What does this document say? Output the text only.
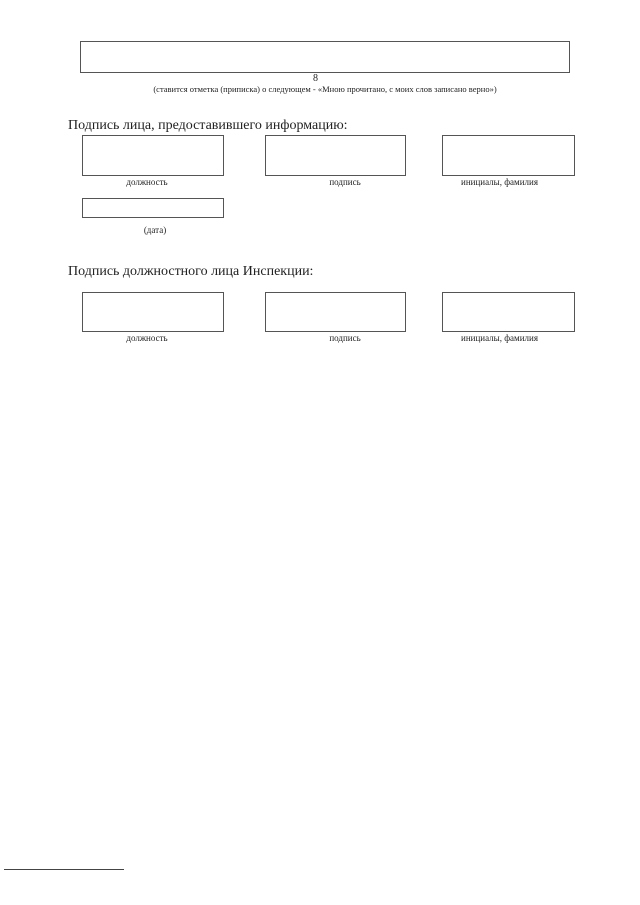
8
(ставится отметка (приписка) о следующем - «Мною прочитано, с моих слов записано верно»)
Подпись лица, предоставившего информацию:
должность	подпись	инициалы, фамилия
(дата)
Подпись должностного лица Инспекции:
должность	подпись	инициалы, фамилия
